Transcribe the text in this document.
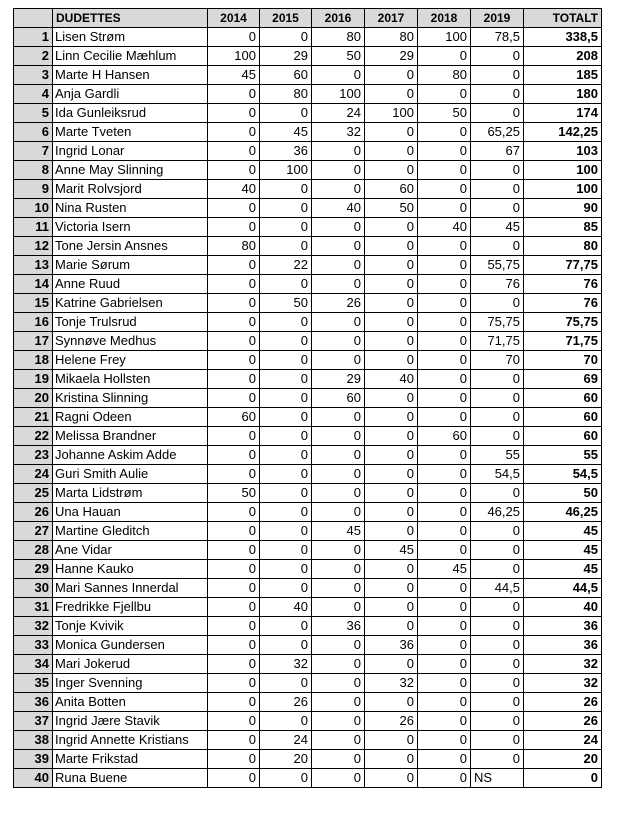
	DUDETTES	2014	2015	2016	2017	2018	2019	TOTALT
1	Lisen Strøm	0	0	80	80	100	78,5	338,5
2	Linn Cecilie Mæhlum	100	29	50	29	0	0	208
3	Marte H Hansen	45	60	0	0	80	0	185
4	Anja Gardli	0	80	100	0	0	0	180
5	Ida Gunleiksrud	0	0	24	100	50	0	174
6	Marte Tveten	0	45	32	0	0	65,25	142,25
7	Ingrid Lonar	0	36	0	0	0	67	103
8	Anne May Slinning	0	100	0	0	0	0	100
9	Marit Rolvsjord	40	0	0	60	0	0	100
10	Nina Rusten	0	0	40	50	0	0	90
11	Victoria Isern	0	0	0	0	40	45	85
12	Tone Jersin Ansnes	80	0	0	0	0	0	80
13	Marie Sørum	0	22	0	0	0	55,75	77,75
14	Anne Ruud	0	0	0	0	0	76	76
15	Katrine Gabrielsen	0	50	26	0	0	0	76
16	Tonje Trulsrud	0	0	0	0	0	75,75	75,75
17	Synnøve Medhus	0	0	0	0	0	71,75	71,75
18	Helene Frey	0	0	0	0	0	70	70
19	Mikaela Hollsten	0	0	29	40	0	0	69
20	Kristina Slinning	0	0	60	0	0	0	60
21	Ragni Odeen	60	0	0	0	0	0	60
22	Melissa Brandner	0	0	0	0	60	0	60
23	Johanne Askim Adde	0	0	0	0	0	55	55
24	Guri Smith Aulie	0	0	0	0	0	54,5	54,5
25	Marta Lidstrøm	50	0	0	0	0	0	50
26	Una Hauan	0	0	0	0	0	46,25	46,25
27	Martine Gleditch	0	0	45	0	0	0	45
28	Ane Vidar	0	0	0	45	0	0	45
29	Hanne Kauko	0	0	0	0	45	0	45
30	Mari Sannes Innerdal	0	0	0	0	0	44,5	44,5
31	Fredrikke Fjellbu	0	40	0	0	0	0	40
32	Tonje Kvivik	0	0	36	0	0	0	36
33	Monica Gundersen	0	0	0	36	0	0	36
34	Mari Jokerud	0	32	0	0	0	0	32
35	Inger Svenning	0	0	0	32	0	0	32
36	Anita Botten	0	26	0	0	0	0	26
37	Ingrid Jære Stavik	0	0	0	26	0	0	26
38	Ingrid Annette Kristians	0	24	0	0	0	0	24
39	Marte Frikstad	0	20	0	0	0	0	20
40	Runa Buene	0	0	0	0	0	NS	0
